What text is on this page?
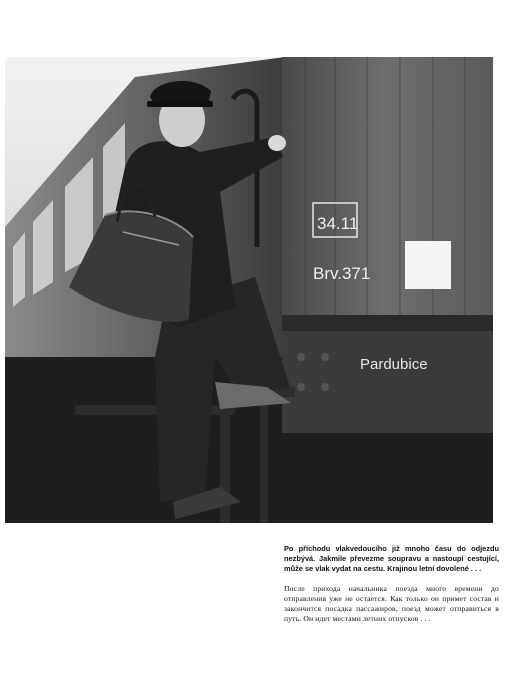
34.11
Brv.371
Pardubice

Po příchodu vlakvedoucího již mnoho času do odjezdu nezbývá. Jakmile převezme soupravu a nastoupí cestující, může se vlak vydat na cestu. Krajinou letní dovolené . . .

После прихода начальника поезда много времени до отправления уже не остается. Как только он примет состав и закончится посадка пассажиров, поезд может отправиться в путь. Он идет местами летних отпусков . . .
